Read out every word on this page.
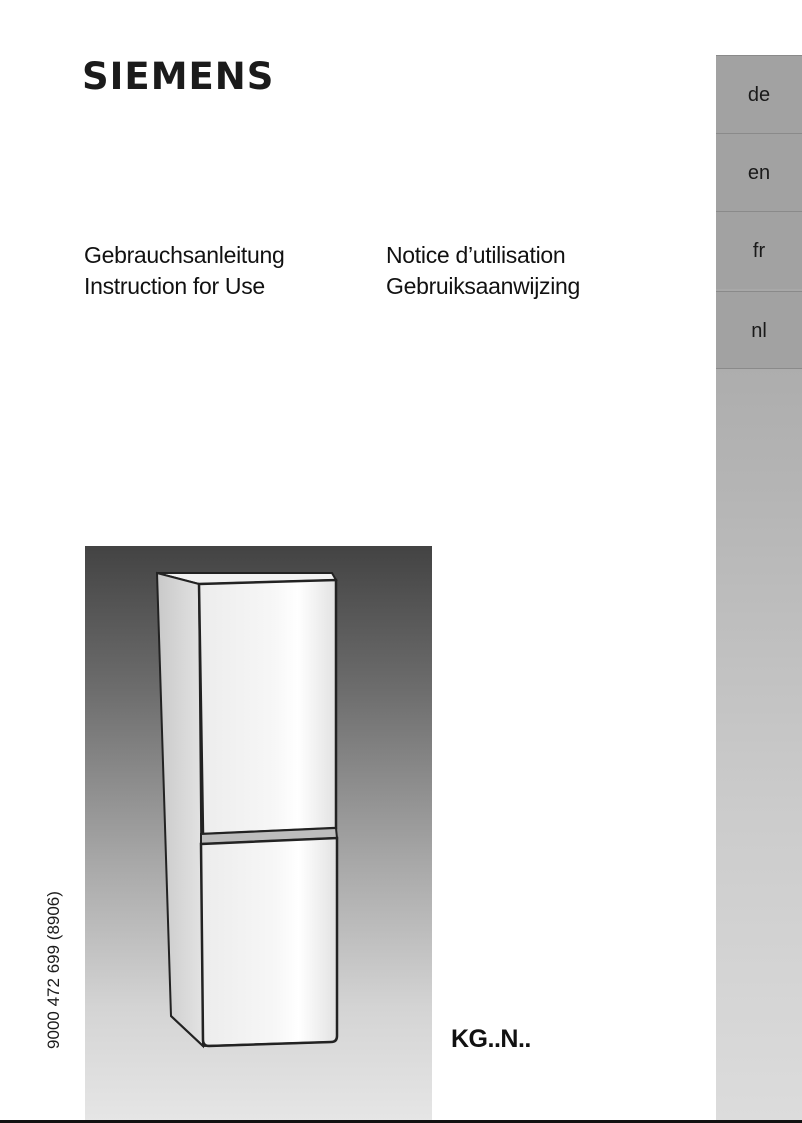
SIEMENS
Gebrauchsanleitung
Instruction for Use
Notice d’utilisation
Gebruiksaanwijzing
de
en
fr
nl
KG..N..
9000 472 699 (8906)
